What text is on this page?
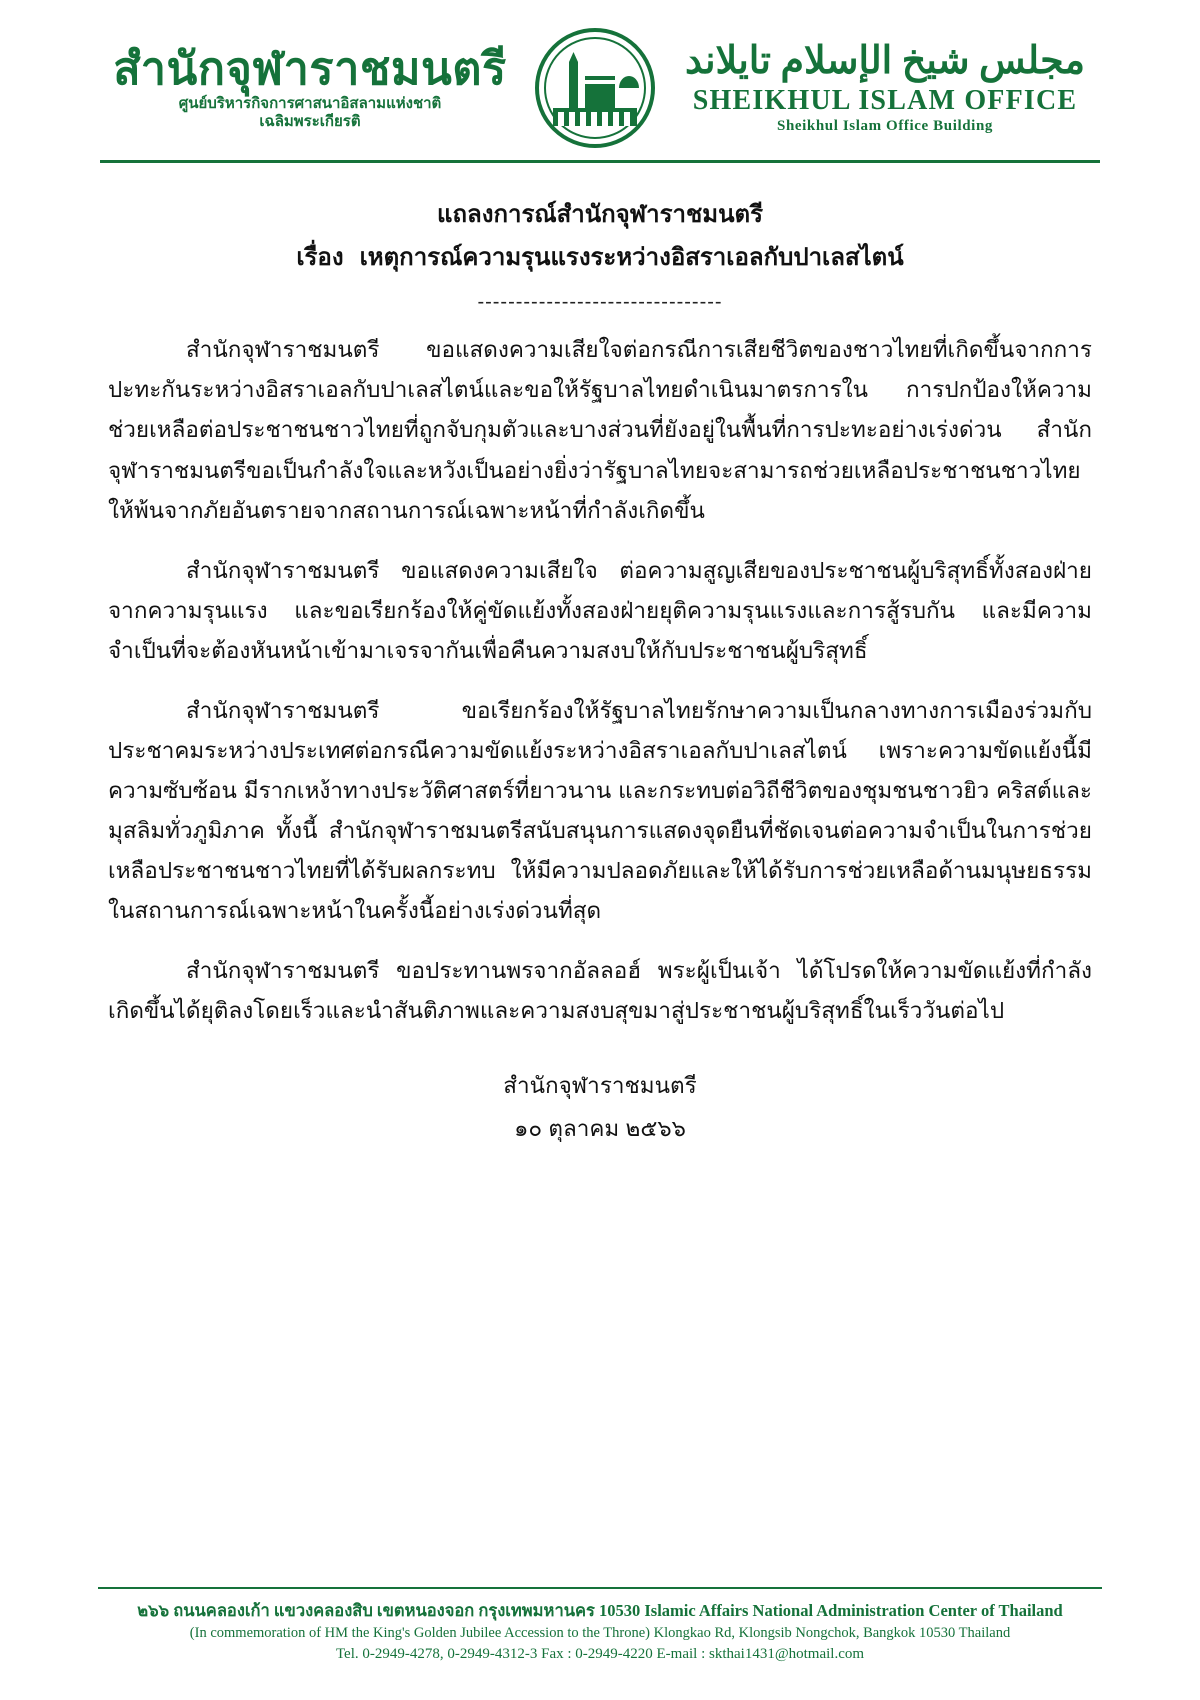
สำนักจุฬาราชมนตรี
ศูนย์บริหารกิจการศาสนาอิสลามแห่งชาติ
เฉลิมพระเกียรติ
مجلس شيخ الإسلام تايلاند
SHEIKHUL ISLAM OFFICE
Sheikhul Islam Office Building
แถลงการณ์สำนักจุฬาราชมนตรี
เรื่อง เหตุการณ์ความรุนแรงระหว่างอิสราเอลกับปาเลสไตน์
--------------------------------

สำนักจุฬาราชมนตรี ขอแสดงความเสียใจต่อกรณีการเสียชีวิตของชาวไทยที่เกิดขึ้นจากการปะทะกันระหว่างอิสราเอลกับปาเลสไตน์และขอให้รัฐบาลไทยดำเนินมาตรการใน การปกป้องให้ความช่วยเหลือต่อประชาชนชาวไทยที่ถูกจับกุมตัวและบางส่วนที่ยังอยู่ในพื้นที่การปะทะอย่างเร่งด่วน สำนักจุฬาราชมนตรีขอเป็นกำลังใจและหวังเป็นอย่างยิ่งว่ารัฐบาลไทยจะสามารถช่วยเหลือประชาชนชาวไทยให้พ้นจากภัยอันตรายจากสถานการณ์เฉพาะหน้าที่กำลังเกิดขึ้น

สำนักจุฬาราชมนตรี ขอแสดงความเสียใจ ต่อความสูญเสียของประชาชนผู้บริสุทธิ์ทั้งสองฝ่ายจากความรุนแรง และขอเรียกร้องให้คู่ขัดแย้งทั้งสองฝ่ายยุติความรุนแรงและการสู้รบกัน และมีความจำเป็นที่จะต้องหันหน้าเข้ามาเจรจากันเพื่อคืนความสงบให้กับประชาชนผู้บริสุทธิ์

สำนักจุฬาราชมนตรี ขอเรียกร้องให้รัฐบาลไทยรักษาความเป็นกลางทางการเมืองร่วมกับประชาคมระหว่างประเทศต่อกรณีความขัดแย้งระหว่างอิสราเอลกับปาเลสไตน์ เพราะความขัดแย้งนี้มีความซับซ้อน มีรากเหง้าทางประวัติศาสตร์ที่ยาวนาน และกระทบต่อวิถีชีวิตของชุมชนชาวยิว คริสต์และมุสลิมทั่วภูมิภาค ทั้งนี้ สำนักจุฬาราชมนตรีสนับสนุนการแสดงจุดยืนที่ชัดเจนต่อความจำเป็นในการช่วยเหลือประชาชนชาวไทยที่ได้รับผลกระทบ ให้มีความปลอดภัยและให้ได้รับการช่วยเหลือด้านมนุษยธรรม ในสถานการณ์เฉพาะหน้าในครั้งนี้อย่างเร่งด่วนที่สุด

สำนักจุฬาราชมนตรี ขอประทานพรจากอัลลอฮ์ พระผู้เป็นเจ้า ได้โปรดให้ความขัดแย้งที่กำลังเกิดขึ้นได้ยุติลงโดยเร็วและนำสันติภาพและความสงบสุขมาสู่ประชาชนผู้บริสุทธิ์ในเร็ววันต่อไป

สำนักจุฬาราชมนตรี
๑๐ ตุลาคม ๒๕๖๖
๒๖๖ ถนนคลองเก้า แขวงคลองสิบ เขตหนองจอก กรุงเทพมหานคร 10530 Islamic Affairs National Administration Center of Thailand
(In commemoration of HM the King's Golden Jubilee Accession to the Throne) Klongkao Rd, Klongsib Nongchok, Bangkok 10530 Thailand
Tel. 0-2949-4278, 0-2949-4312-3 Fax : 0-2949-4220 E-mail : skthai1431@hotmail.com
